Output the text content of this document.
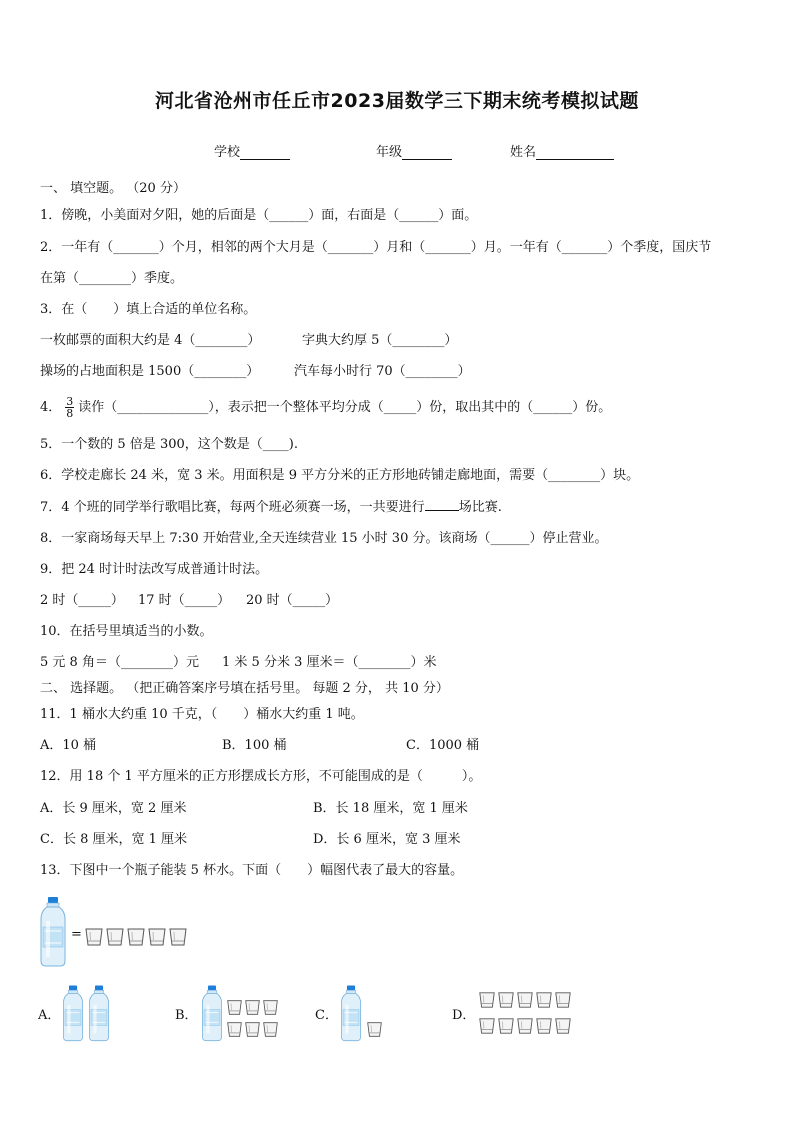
河北省沧州市任丘市2023届数学三下期末统考模拟试题
学校	年级	姓名
一、 填空题。 （20 分）
1．傍晚，小美面对夕阳，她的后面是（______）面，右面是（______）面。
2．一年有（_______）个月，相邻的两个大月是（_______）月和（_______）月。一年有（_______）个季度，国庆节
在第（________）季度。
3．在（　　）填上合适的单位名称。
一枚邮票的面积大约是 4（________）	字典大约厚 5（________）
操场的占地面积是 1500（________）	汽车每小时行 70（________）
4． $\frac{3}{8}$ 读作（______________），表示把一个整体平均分成（_____）份，取出其中的（______）份。
5．一个数的 5 倍是 300，这个数是（____).
6．学校走廊长 24 米，宽 3 米。用面积是 9 平方分米的正方形地砖铺走廊地面，需要（________）块。
7．4 个班的同学举行歌唱比赛，每两个班必须赛一场，一共要进行	场比赛.
8．一家商场每天早上 7:30 开始营业,全天连续营业 15 小时 30 分。该商场（______）停止营业。
9．把 24 时计时法改写成普通计时法。
2 时（_____） 17 时（_____） 20 时（_____）
10．在括号里填适当的小数。
5 元 8 角＝（________）元 1 米 5 分米 3 厘米＝（________）米
二、 选择题。 （把正确答案序号填在括号里。 每题 2 分， 共 10 分）
11．1 桶水大约重 10 千克，（　　）桶水大约重 1 吨。
A．10 桶	B．100 桶	C．1000 桶
12．用 18 个 1 平方厘米的正方形摆成长方形，不可能围成的是（　　　）。
A．长 9 厘米，宽 2 厘米	B．长 18 厘米，宽 1 厘米
C．长 8 厘米，宽 1 厘米	D．长 6 厘米，宽 3 厘米
13．下图中一个瓶子能装 5 杯水。下面（　　）幅图代表了最大的容量。
=
A．	B．	C．	D．
